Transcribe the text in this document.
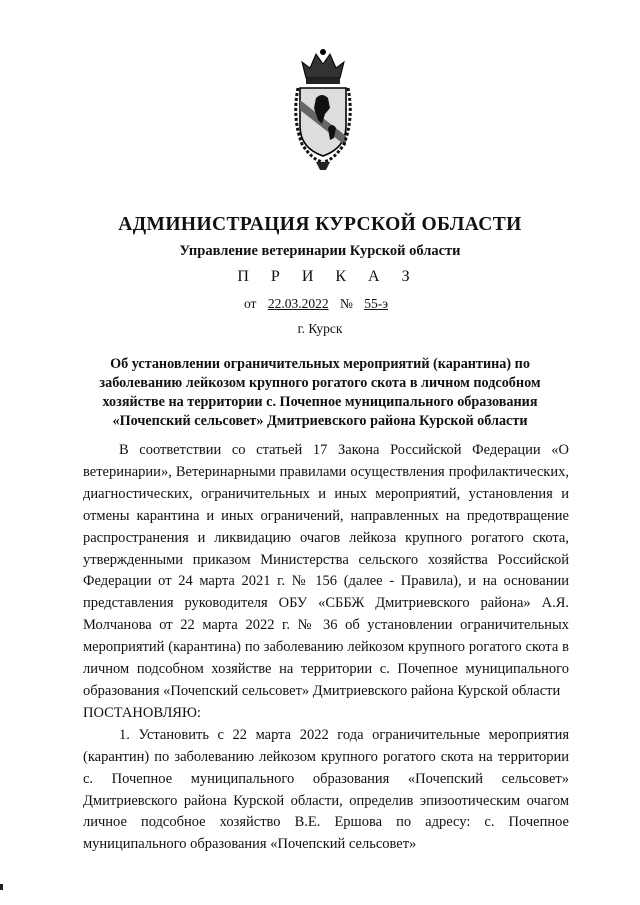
АДМИНИСТРАЦИЯ КУРСКОЙ ОБЛАСТИ
Управление ветеринарии Курской области
П Р И К А З
от 22.03.2022 № 55-э
г. Курск
Об установлении ограничительных мероприятий (карантина) по заболеванию лейкозом крупного рогатого скота в личном подсобном хозяйстве на территории с. Почепное муниципального образования «Почепский сельсовет» Дмитриевского района Курской области

В соответствии со статьей 17 Закона Российской Федерации «О ветеринарии», Ветеринарными правилами осуществления профилактических, диагностических, ограничительных и иных мероприятий, установления и отмены карантина и иных ограничений, направленных на предотвращение распространения и ликвидацию очагов лейкоза крупного рогатого скота, утвержденными приказом Министерства сельского хозяйства Российской Федерации от 24 марта 2021 г. № 156 (далее - Правила), и на основании представления руководителя ОБУ «СББЖ Дмитриевского района» А.Я. Молчанова от 22 марта 2022 г. № 36 об установлении ограничительных мероприятий (карантина) по заболеванию лейкозом крупного рогатого скота в личном подсобном хозяйстве на территории с. Почепное муниципального образования «Почепский сельсовет» Дмитриевского района Курской области

ПОСТАНОВЛЯЮ:

1. Установить с 22 марта 2022 года ограничительные мероприятия (карантин) по заболеванию лейкозом крупного рогатого скота на территории с. Почепное муниципального образования «Почепский сельсовет» Дмитриевского района Курской области, определив эпизоотическим очагом личное подсобное хозяйство В.Е. Ершова по адресу: с. Почепное муниципального образования «Почепский сельсовет»
